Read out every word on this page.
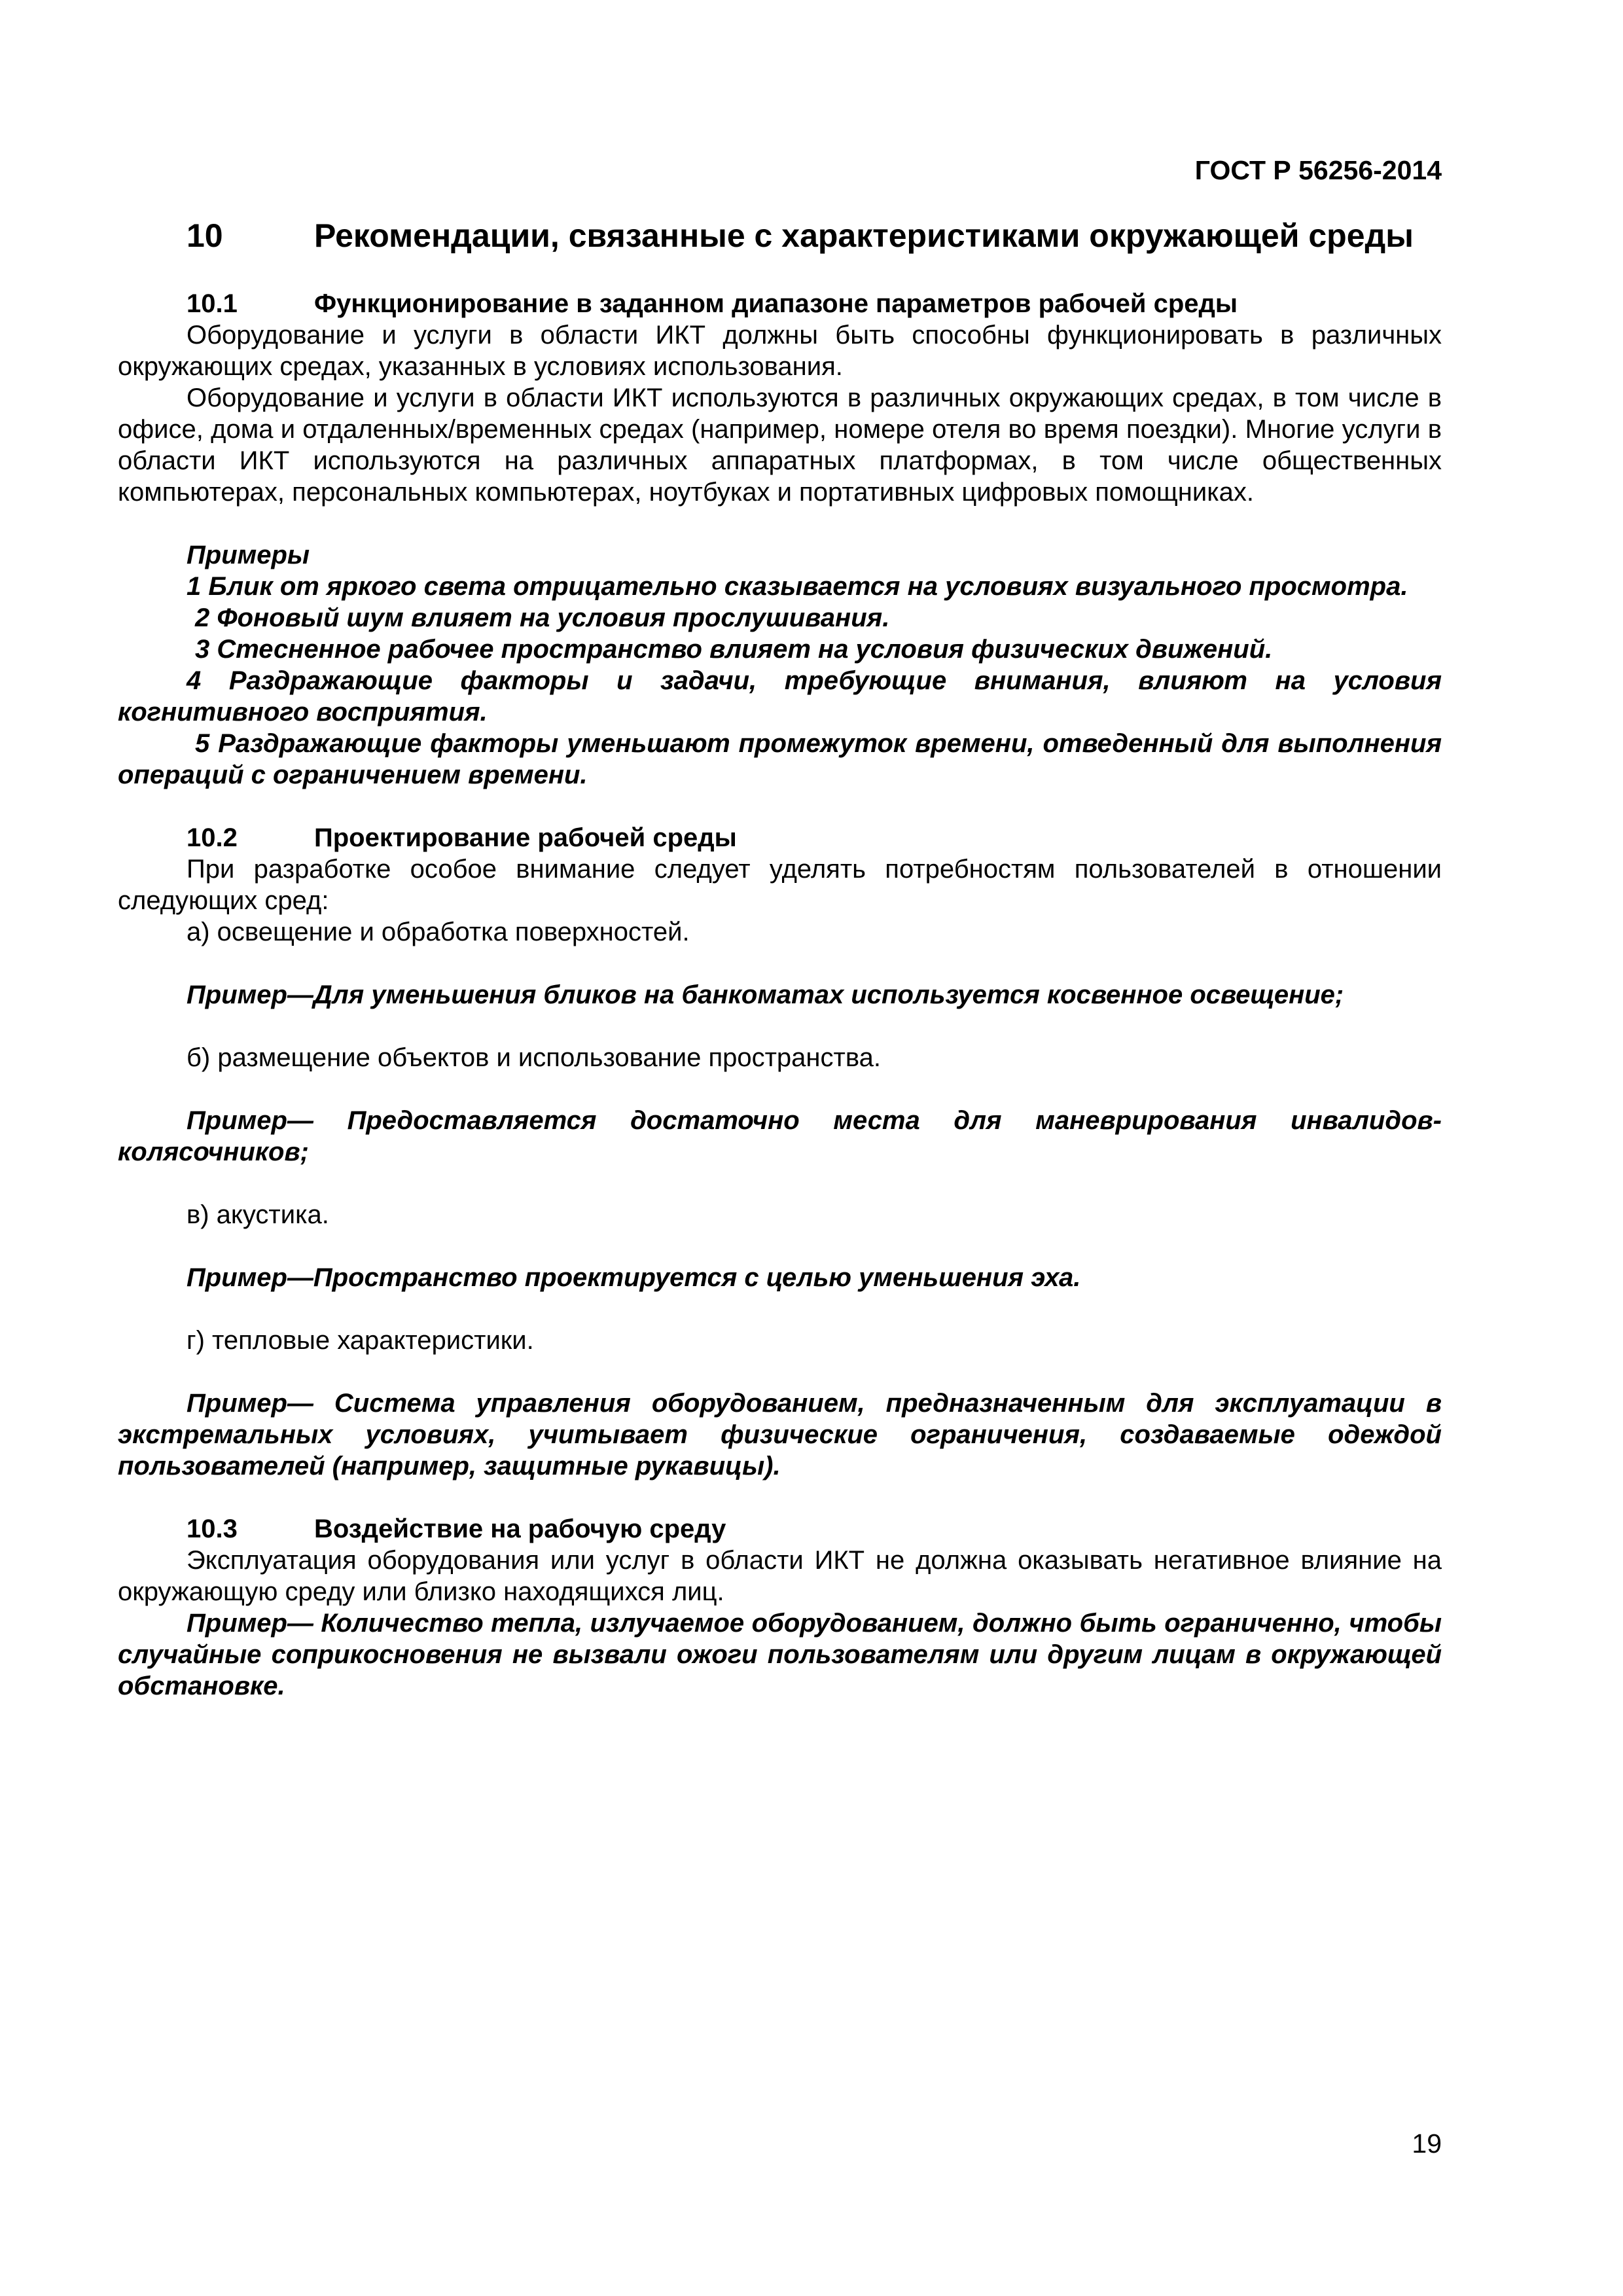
ГОСТ Р 56256-2014
10	Рекомендации, связанные с характеристиками окружающей среды
10.1	Функционирование в заданном диапазоне параметров рабочей среды

Оборудование и услуги в области ИКТ должны быть способны функционировать в различных окружающих средах, указанных в условиях использования.

Оборудование и услуги в области ИКТ используются в различных окружающих средах, в том числе в офисе, дома и отдаленных/временных средах (например, номере отеля во время поездки). Многие услуги в области ИКТ используются на различных аппаратных платформах, в том числе общественных компьютерах, персональных компьютерах, ноутбуках и портативных цифровых помощниках.

Примеры

1 Блик от яркого света отрицательно сказывается на условиях визуального просмотра.

2 Фоновый шум влияет на условия прослушивания.

3 Стесненное рабочее пространство влияет на условия физических движений.

4 Раздражающие факторы и задачи, требующие внимания, влияют на условия когнитивного восприятия.

5 Раздражающие факторы уменьшают промежуток времени, отведенный для выполнения операций с ограничением времени.

10.2	Проектирование рабочей среды

При разработке особое внимание следует уделять потребностям пользователей в отношении следующих сред:

а) освещение и обработка поверхностей.

Пример—Для уменьшения бликов на банкоматах используется косвенное освещение;

б) размещение объектов и использование пространства.

Пример— Предоставляется достаточно места для маневрирования инвалидов-колясочников;

в) акустика.

Пример—Пространство проектируется с целью уменьшения эха.

г) тепловые характеристики.

Пример— Система управления оборудованием, предназначенным для эксплуатации в экстремальных условиях, учитывает физические ограничения, создаваемые одеждой пользователей (например, защитные рукавицы).

10.3	Воздействие на рабочую среду

Эксплуатация оборудования или услуг в области ИКТ не должна оказывать негативное влияние на окружающую среду или близко находящихся лиц.

Пример— Количество тепла, излучаемое оборудованием, должно быть ограниченно, чтобы случайные соприкосновения не вызвали ожоги пользователям или другим лицам в окружающей обстановке.

19
